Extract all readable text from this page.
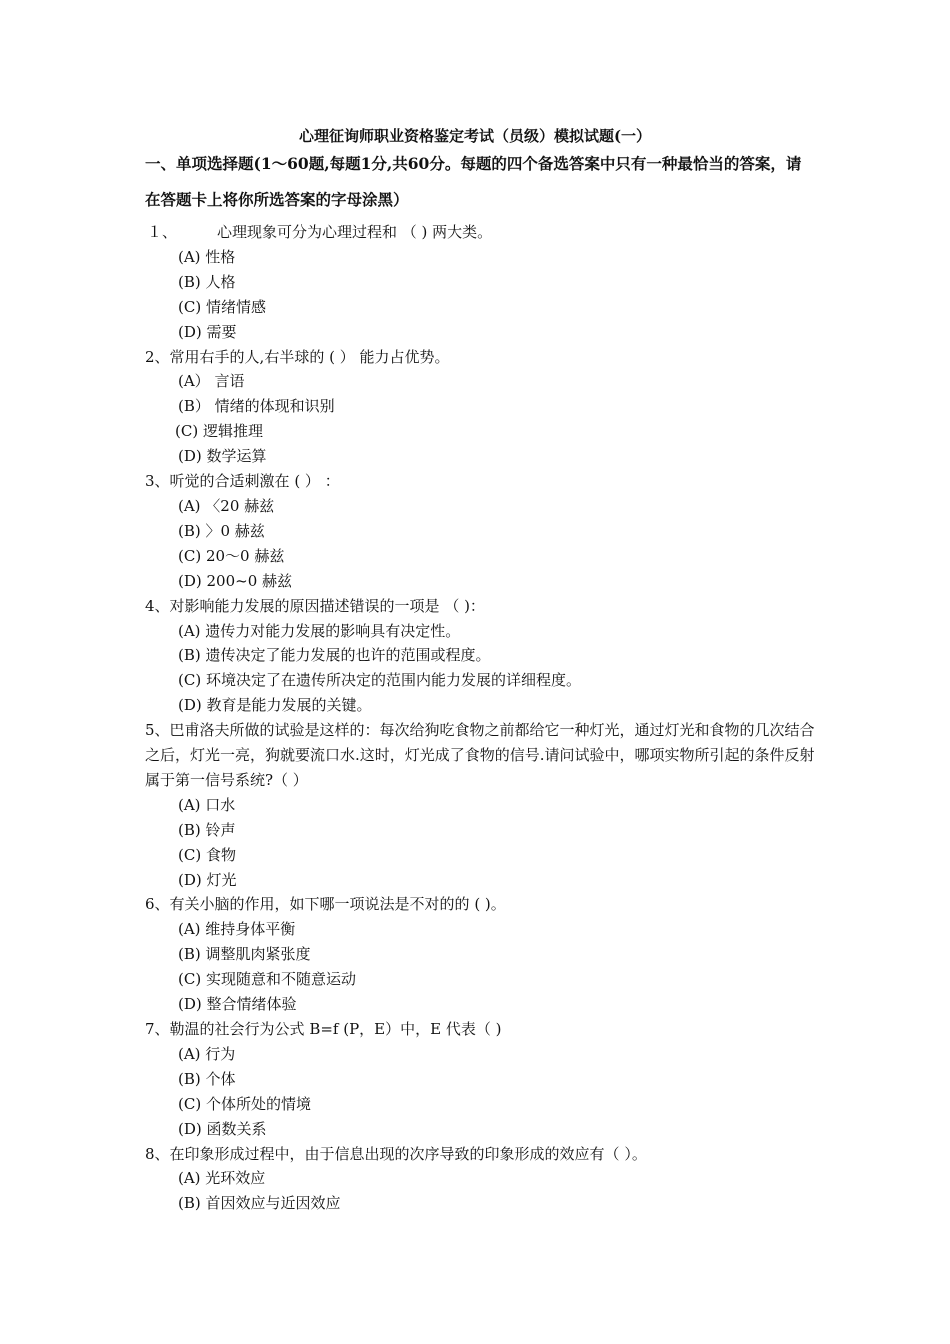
心理征询师职业资格鉴定考试（员级）模拟试题(一）
一、单项选择题(1～60题,每题1分,共60分。每题的四个备选答案中只有一种最恰当的答案，请在答题卡上将你所选答案的字母涂黑）
１、	心理现象可分为心理过程和 （ ) 两大类。
(A) 性格
(B) 人格
(C) 情绪情感
(D) 需要
2、常用右手的人,右半球的 ( ） 能力占优势。
(A） 言语
(B） 情绪的体现和识别
(C) 逻辑推理
(D) 数学运算
3、听觉的合适刺激在 ( ） ：
(A) 〈20 赫兹
(B) 〉0 赫兹
(C) 20～0 赫兹
(D) 200~0 赫兹
4、对影响能力发展的原因描述错误的一项是 （ )：
(A) 遗传力对能力发展的影响具有决定性。
(B) 遗传决定了能力发展的也许的范围或程度。
(C) 环境决定了在遗传所决定的范围内能力发展的详细程度。
(D) 教育是能力发展的关键。
5、巴甫洛夫所做的试验是这样的：每次给狗吃食物之前都给它一种灯光，通过灯光和食物的几次结合之后，灯光一亮，狗就要流口水.这时，灯光成了食物的信号.请问试验中，哪项实物所引起的条件反射属于第一信号系统?（ ）
(A) 口水
(B) 铃声
(C) 食物
(D) 灯光
6、有关小脑的作用，如下哪一项说法是不对的的 ( )。
(A) 维持身体平衡
(B) 调整肌肉紧张度
(C) 实现随意和不随意运动
(D) 整合情绪体验
7、勒温的社会行为公式 B=f (P，E）中，E 代表（ )
(A) 行为
(B) 个体
(C) 个体所处的情境
(D) 函数关系
8、在印象形成过程中，由于信息出现的次序导致的印象形成的效应有（ ）。
(A) 光环效应
(B) 首因效应与近因效应
